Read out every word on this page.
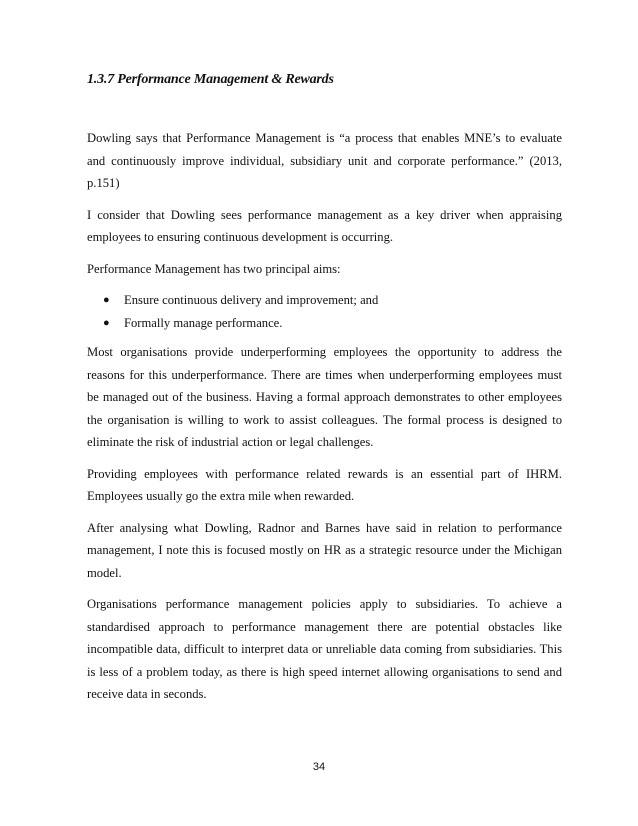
1.3.7 Performance Management & Rewards

Dowling says that Performance Management is “a process that enables MNE’s to evaluate and continuously improve individual, subsidiary unit and corporate performance.” (2013, p.151)

I consider that Dowling sees performance management as a key driver when appraising employees to ensuring continuous development is occurring.

Performance Management has two principal aims:

● Ensure continuous delivery and improvement; and
● Formally manage performance.

Most organisations provide underperforming employees the opportunity to address the reasons for this underperformance. There are times when underperforming employees must be managed out of the business. Having a formal approach demonstrates to other employees the organisation is willing to work to assist colleagues. The formal process is designed to eliminate the risk of industrial action or legal challenges.

Providing employees with performance related rewards is an essential part of IHRM. Employees usually go the extra mile when rewarded.

After analysing what Dowling, Radnor and Barnes have said in relation to performance management, I note this is focused mostly on HR as a strategic resource under the Michigan model.

Organisations performance management policies apply to subsidiaries. To achieve a standardised approach to performance management there are potential obstacles like incompatible data, difficult to interpret data or unreliable data coming from subsidiaries. This is less of a problem today, as there is high speed internet allowing organisations to send and receive data in seconds.

34
